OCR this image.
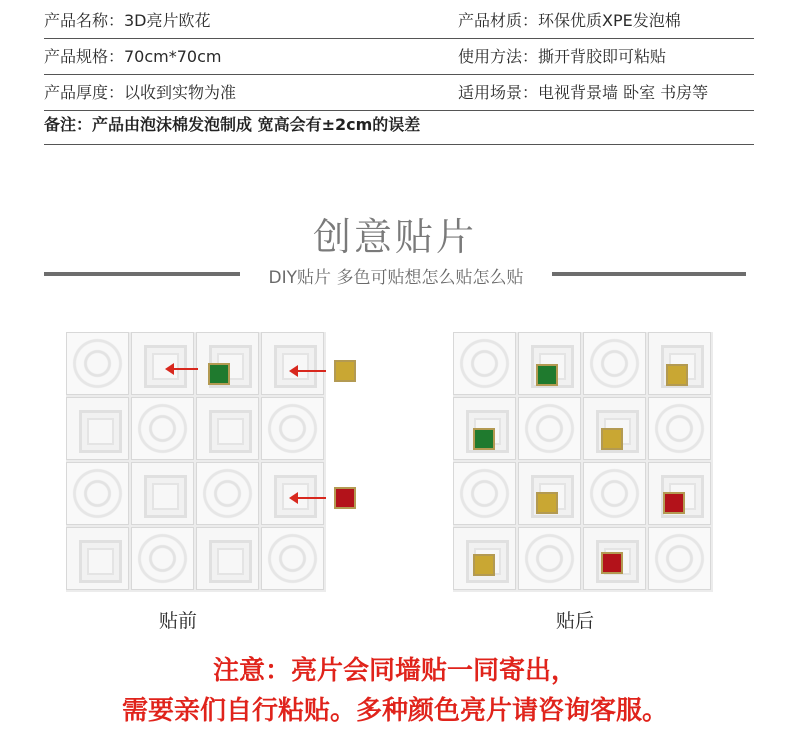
产品名称：3D亮片欧花	产品材质：环保优质XPE发泡棉
产品规格：70cm*70cm	使用方法：撕开背胶即可粘贴
产品厚度：以收到实物为准	适用场景：电视背景墙 卧室 书房等
备注：产品由泡沫棉发泡制成 宽高会有±2cm的误差
创意贴片
DIY贴片 多色可贴想怎么贴怎么贴
贴前	贴后
注意：亮片会同墙贴一同寄出，
需要亲们自行粘贴。多种颜色亮片请咨询客服。
